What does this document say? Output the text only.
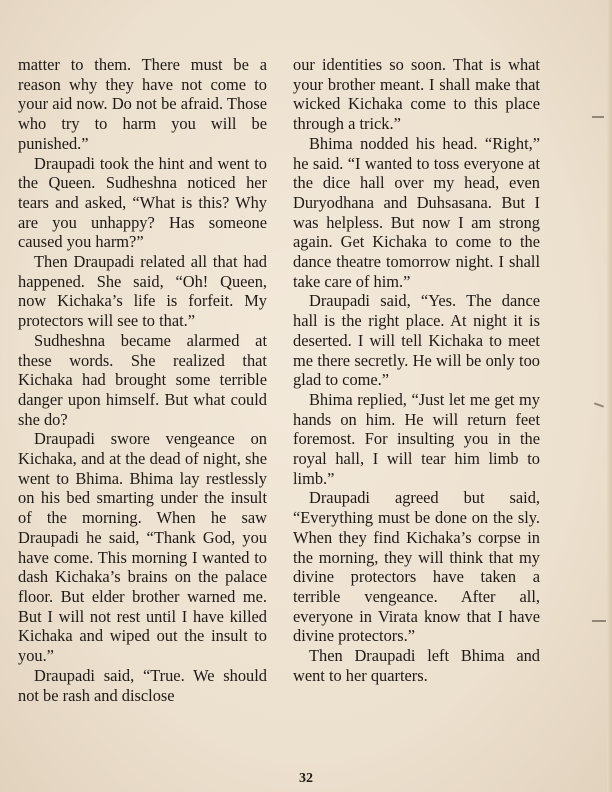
matter to them. There must be a reason why they have not come to your aid now. Do not be afraid. Those who try to harm you will be punished.”

Draupadi took the hint and went to the Queen. Sudheshna noticed her tears and asked, “What is this? Why are you unhappy? Has someone caused you harm?”

Then Draupadi related all that had happened. She said, “Oh! Queen, now Kichaka’s life is forfeit. My protectors will see to that.”

Sudheshna became alarmed at these words. She realized that Kichaka had brought some terrible danger upon himself. But what could she do?

Draupadi swore vengeance on Kichaka, and at the dead of night, she went to Bhima. Bhima lay restlessly on his bed smarting under the insult of the morning. When he saw Draupadi he said, “Thank God, you have come. This morning I wanted to dash Kichaka’s brains on the palace floor. But elder brother warned me. But I will not rest until I have killed Kichaka and wiped out the insult to you.”

Draupadi said, “True. We should not be rash and disclose

our identities so soon. That is what your brother meant. I shall make that wicked Kichaka come to this place through a trick.”

Bhima nodded his head. “Right,” he said. “I wanted to toss everyone at the dice hall over my head, even Duryodhana and Duhsasana. But I was helpless. But now I am strong again. Get Kichaka to come to the dance theatre tomorrow night. I shall take care of him.”

Draupadi said, “Yes. The dance hall is the right place. At night it is deserted. I will tell Kichaka to meet me there secretly. He will be only too glad to come.”

Bhima replied, “Just let me get my hands on him. He will return feet foremost. For insulting you in the royal hall, I will tear him limb to limb.”

Draupadi agreed but said, “Everything must be done on the sly. When they find Kichaka’s corpse in the morning, they will think that my divine protectors have taken a terrible vengeance. After all, everyone in Virata know that I have divine protectors.”

Then Draupadi left Bhima and went to her quarters.

32
